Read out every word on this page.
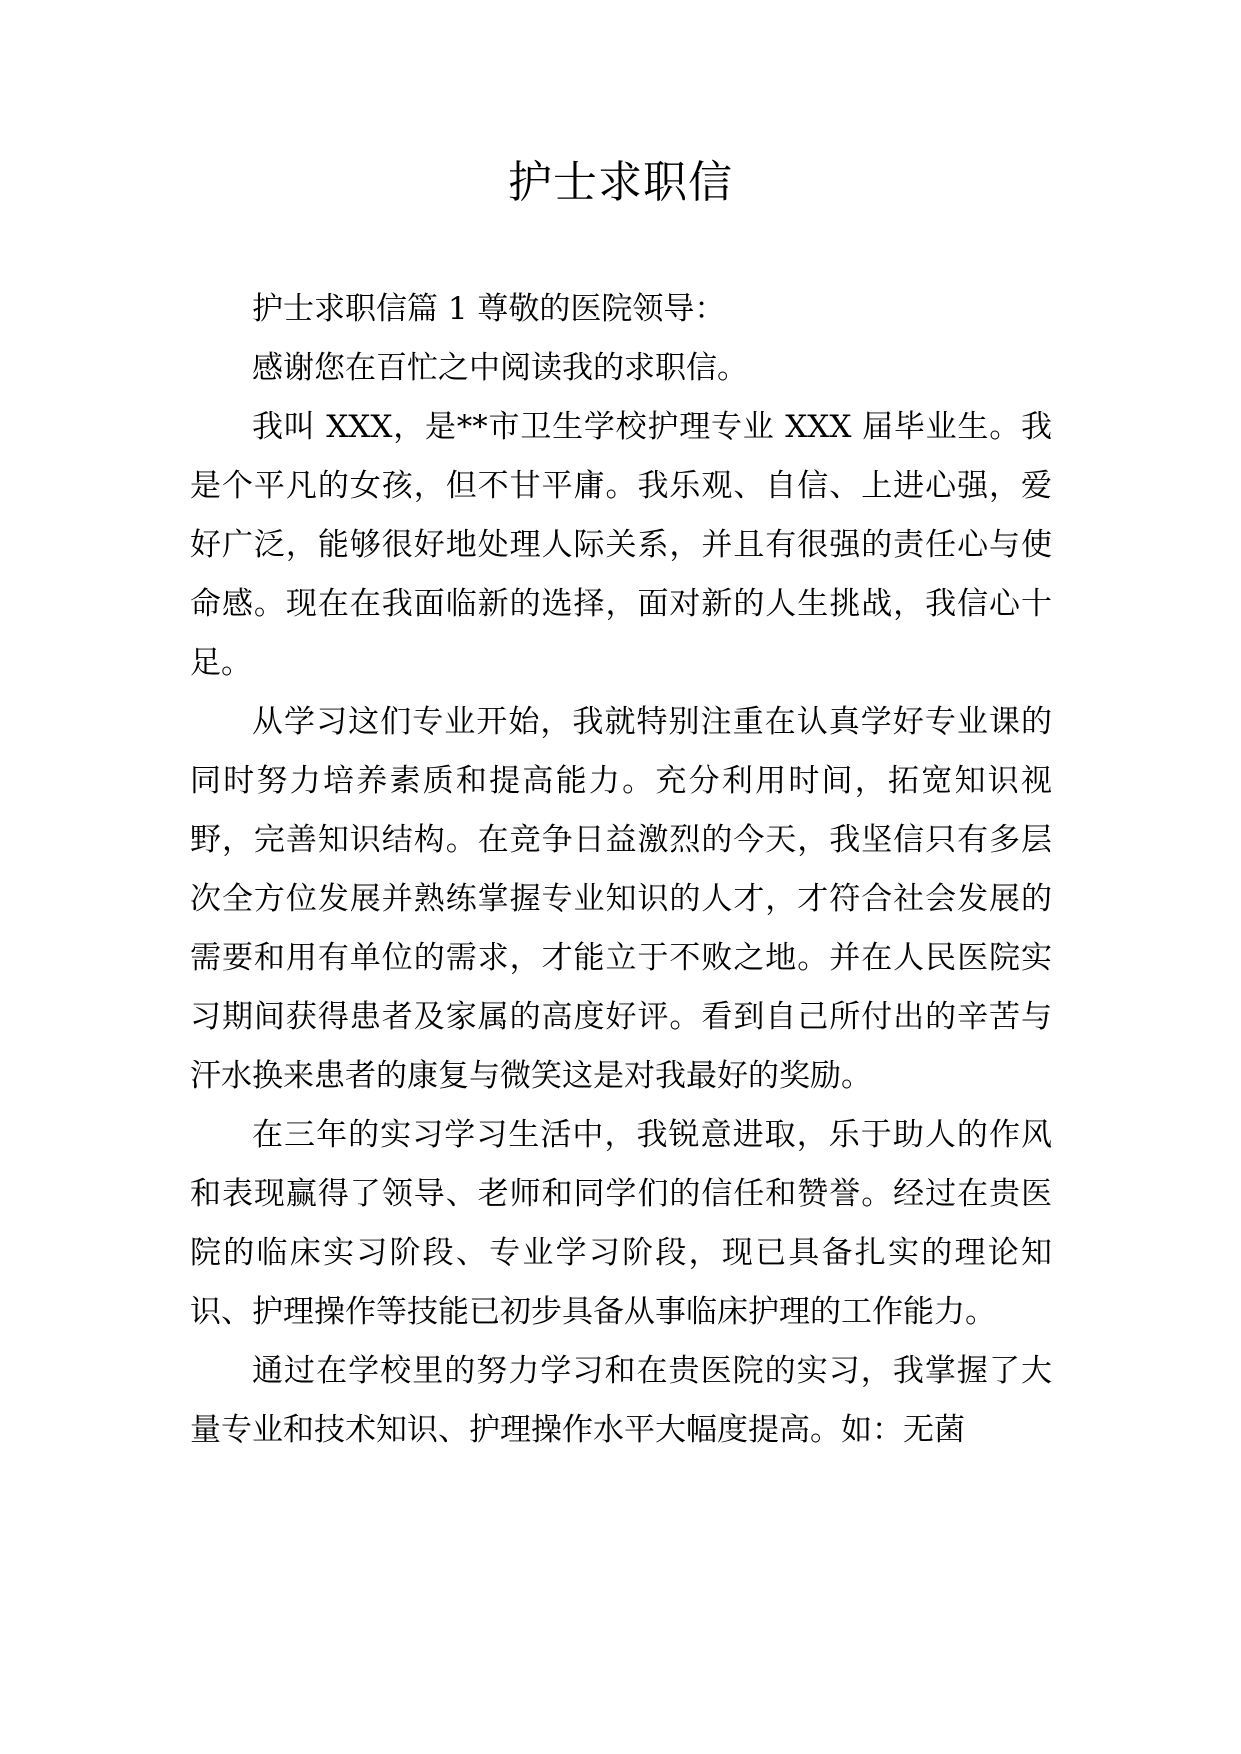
护士求职信

护士求职信篇 1 尊敬的医院领导：

感谢您在百忙之中阅读我的求职信。

我叫 XXX，是**市卫生学校护理专业 XXX 届毕业生。我是个平凡的女孩，但不甘平庸。我乐观、自信、上进心强，爱好广泛，能够很好地处理人际关系，并且有很强的责任心与使命感。现在在我面临新的选择，面对新的人生挑战，我信心十足。

从学习这们专业开始，我就特别注重在认真学好专业课的同时努力培养素质和提高能力。充分利用时间，拓宽知识视野，完善知识结构。在竞争日益激烈的今天，我坚信只有多层次全方位发展并熟练掌握专业知识的人才，才符合社会发展的需要和用有单位的需求，才能立于不败之地。并在人民医院实习期间获得患者及家属的高度好评。看到自己所付出的辛苦与汗水换来患者的康复与微笑这是对我最好的奖励。

在三年的实习学习生活中，我锐意进取，乐于助人的作风和表现赢得了领导、老师和同学们的信任和赞誉。经过在贵医院的临床实习阶段、专业学习阶段，现已具备扎实的理论知识、护理操作等技能已初步具备从事临床护理的工作能力。

通过在学校里的努力学习和在贵医院的实习，我掌握了大量专业和技术知识、护理操作水平大幅度提高。如：无菌
